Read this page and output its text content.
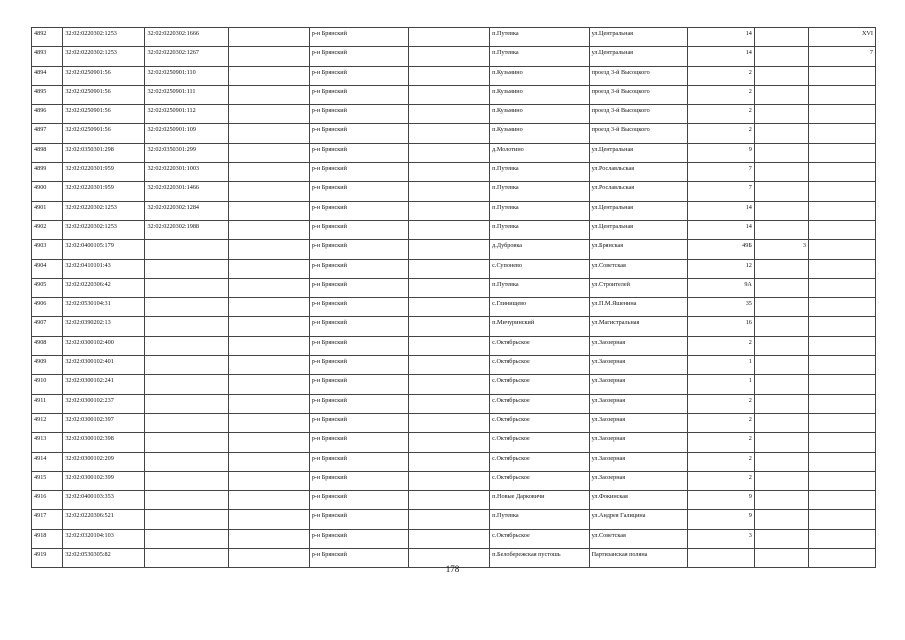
4892	32:02:0220302:1253	32:02:0220302:1666		р-н Брянский		п.Путевка	ул.Центральная	14		XVI
4893	32:02:0220302:1253	32:02:0220302:1267		р-н Брянский		п.Путевка	ул.Центральная	14		7
4894	32:02:0250901:56	32:02:0250901:110		р-н Брянский		п.Кузьмино	проезд 3-й Высоцкого	2		
4895	32:02:0250901:56	32:02:0250901:111		р-н Брянский		п.Кузьмино	проезд 3-й Высоцкого	2		
4896	32:02:0250901:56	32:02:0250901:112		р-н Брянский		п.Кузьмино	проезд 3-й Высоцкого	2		
4897	32:02:0250901:56	32:02:0250901:109		р-н Брянский		п.Кузьмино	проезд 3-й Высоцкого	2		
4898	32:02:0350301:298	32:02:0350301:299		р-н Брянский		д.Молотино	ул.Центральная	9		
4899	32:02:0220301:959	32:02:0220301:1003		р-н Брянский		п.Путевка	ул.Рославльская	7		
4900	32:02:0220301:959	32:02:0220301:1466		р-н Брянский		п.Путевка	ул.Рославльская	7		
4901	32:02:0220302:1253	32:02:0220302:1284		р-н Брянский		п.Путевка	ул.Центральная	14		
4902	32:02:0220302:1253	32:02:0220302:1988		р-н Брянский		п.Путевка	ул.Центральная	14		
4903	32:02:0400105:179			р-н Брянский		д.Дубровка	ул.Брянская	49Б	3	
4904	32:02:0410101:43			р-н Брянский		с.Супонево	ул.Советская	12		
4905	32:02:0220306:42			р-н Брянский		п.Путевка	ул.Строителей	9А		
4906	32:02:0530104:31			р-н Брянский		с.Глинищево	ул.П.М.Яшенина	35		
4907	32:02:0390202:13			р-н Брянский		п.Мичуринский	ул.Магистральная	16		
4908	32:02:0300102:400			р-н Брянский		с.Октябрьское	ул.Заозерная	2		
4909	32:02:0300102:401			р-н Брянский		с.Октябрьское	ул.Заозерная	1		
4910	32:02:0300102:241			р-н Брянский		с.Октябрьское	ул.Заозерная	1		
4911	32:02:0300102:237			р-н Брянский		с.Октябрьское	ул.Заозерная	2		
4912	32:02:0300102:397			р-н Брянский		с.Октябрьское	ул.Заозерная	2		
4913	32:02:0300102:398			р-н Брянский		с.Октябрьское	ул.Заозерная	2		
4914	32:02:0300102:209			р-н Брянский		с.Октябрьское	ул.Заозерная	2		
4915	32:02:0300102:399			р-н Брянский		с.Октябрьское	ул.Заозерная	2		
4916	32:02:0400103:353			р-н Брянский		п.Новые Дарковичи	ул.Фокинская	9		
4917	32:02:0220306:521			р-н Брянский		п.Путевка	ул.Андрея Галицина	9		
4918	32:02:0320104:103			р-н Брянский		с.Октябрьское	ул.Советская	3		
4919	32:02:0530305:82			р-н Брянский		п.Белобережская пустошь	Партизанская поляна			
178
